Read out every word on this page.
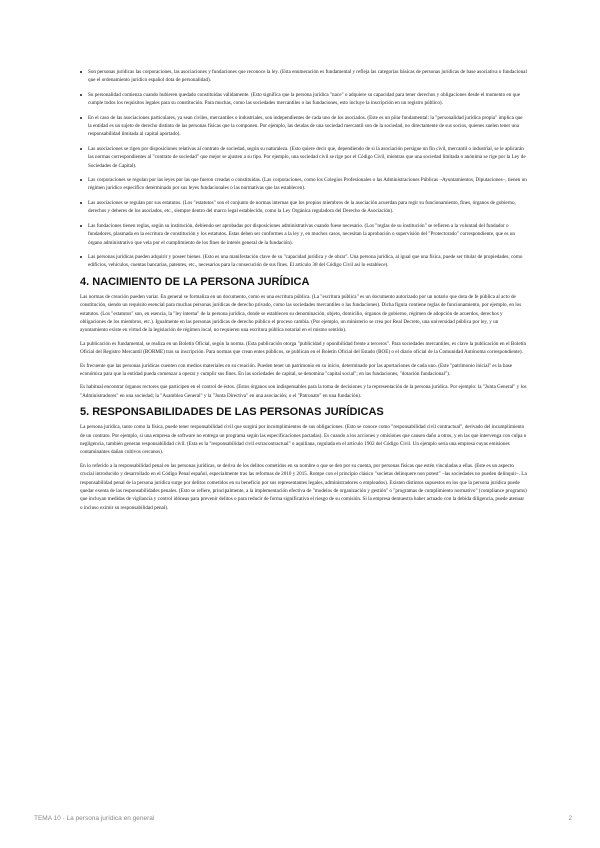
Son personas jurídicas las corporaciones, las asociaciones y fundaciones que reconoce la ley. (Esta enumeración es fundamental y refleja las categorías básicas de personas jurídicas de base asociativa o fundacional que el ordenamiento jurídico español dota de personalidad).
Su personalidad comienza cuando hubieren quedado constituidas válidamente. (Esto significa que la persona jurídica "nace" o adquiere su capacidad para tener derechos y obligaciones desde el momento en que cumple todos los requisitos legales para su constitución. Para muchas, como las sociedades mercantiles o las fundaciones, esto incluye la inscripción en un registro público).
En el caso de las asociaciones particulares, ya sean civiles, mercantiles o industriales, son independientes de cada uno de los asociados. (Este es un pilar fundamental: la "personalidad jurídica propia" implica que la entidad es un sujeto de derecho distinto de las personas físicas que la componen. Por ejemplo, las deudas de una sociedad mercantil son de la sociedad, no directamente de sus socios, quienes suelen tener una responsabilidad limitada al capital aportado).
Las asociaciones se rigen por disposiciones relativas al contrato de sociedad, según su naturaleza. (Esto quiere decir que, dependiendo de si la asociación persigue un fin civil, mercantil o industrial, se le aplicarán las normas correspondientes al "contrato de sociedad" que mejor se ajusten a su tipo. Por ejemplo, una sociedad civil se rige por el Código Civil, mientras que una sociedad limitada o anónima se rige por la Ley de Sociedades de Capital).
Las corporaciones se regulan por las leyes por las que fueron creadas o constituidas. (Las corporaciones, como los Colegios Profesionales o las Administraciones Públicas –Ayuntamientos, Diputaciones–, tienen un régimen jurídico específico determinado por sus leyes fundacionales o las normativas que las establecen).
Las asociaciones se regulan por sus estatutos. (Los "estatutos" son el conjunto de normas internas que los propios miembros de la asociación acuerdan para regir su funcionamiento, fines, órganos de gobierno, derechos y deberes de los asociados, etc., siempre dentro del marco legal establecido, como la Ley Orgánica reguladora del Derecho de Asociación).
Las fundaciones tienen reglas, según su institución, debiendo ser aprobadas por disposiciones administrativas cuando fuese necesario. (Los "reglas de su institución" se refieren a la voluntad del fundador o fundadores, plasmada en la escritura de constitución y los estatutos. Estas deben ser conformes a la ley y, en muchos casos, necesitan la aprobación o supervisión del "Protectorado" correspondiente, que es un órgano administrativo que vela por el cumplimiento de los fines de interés general de la fundación).
Las personas jurídicas pueden adquirir y poseer bienes. (Esto es una manifestación clave de su "capacidad jurídica y de obrar". Una persona jurídica, al igual que una física, puede ser titular de propiedades, como edificios, vehículos, cuentas bancarias, patentes, etc., necesarios para la consecución de sus fines. El artículo 38 del Código Civil así lo establece).
4. NACIMIENTO DE LA PERSONA JURÍDICA

Las normas de creación pueden variar. En general se formaliza en un documento, como es una escritura pública. (La "escritura pública" es un documento autorizado por un notario que dota de fe pública al acto de constitución, siendo un requisito esencial para muchas personas jurídicas de derecho privado, como las sociedades mercantiles o las fundaciones). Dicha figura contiene reglas de funcionamiento, por ejemplo, en los estatutos. (Los "estatutos" son, en esencia, la "ley interna" de la persona jurídica, donde se establecen su denominación, objeto, domicilio, órganos de gobierno, régimen de adopción de acuerdos, derechos y obligaciones de los miembros, etc.). Igualmente en las personas jurídicas de derecho público el proceso cambia. (Por ejemplo, un ministerio se crea por Real Decreto, una universidad pública por ley, y un ayuntamiento existe en virtud de la legislación de régimen local, no requieren una escritura pública notarial en el mismo sentido).

La publicación es fundamental, se realiza en un Boletín Oficial, según la norma. (Esta publicación otorga "publicidad y oponibilidad frente a terceros". Para sociedades mercantiles, es clave la publicación en el Boletín Oficial del Registro Mercantil (BORME) tras su inscripción. Para normas que crean entes públicos, se publican en el Boletín Oficial del Estado (BOE) o el diario oficial de la Comunidad Autónoma correspondiente).

Es frecuente que las personas jurídicas cuenten con medios materiales en su creación. Pueden tener un patrimonio en su inicio, determinado por las aportaciones de cada uno. (Este "patrimonio inicial" es la base económica para que la entidad pueda comenzar a operar y cumplir sus fines. En las sociedades de capital, se denomina "capital social"; en las fundaciones, "dotación fundacional").

Es habitual encontrar órganos rectores que participen en el control de éstos. (Estos órganos son indispensables para la toma de decisiones y la representación de la persona jurídica. Por ejemplo: la "Junta General" y los "Administradores" en una sociedad; la "Asamblea General" y la "Junta Directiva" en una asociación; o el "Patronato" en una fundación).

5. RESPONSABILIDADES DE LAS PERSONAS JURÍDICAS

La persona jurídica, tanto como la física, puede tener responsabilidad civil que surgirá por incumplimientos de sus obligaciones. (Esto se conoce como "responsabilidad civil contractual", derivado del incumplimiento de un contrato. Por ejemplo, si una empresa de software no entrega un programa según las especificaciones pactadas). Es cuando a los acciones y omisiones que causen daño a otros, y en las que intervenga con culpa o negligencia, también generan responsabilidad civil. (Esta es la "responsabilidad civil extracontractual" o aquiliana, regulada en el artículo 1902 del Código Civil. Un ejemplo sería una empresa cuyas emisiones contaminantes dañan cultivos cercanos).

En lo referido a la responsabilidad penal en las personas jurídicas, se deriva de los delitos cometidos en su nombre o que se den por su cuenta, por personas físicas que estén vinculadas a ellas. (Este es un aspecto crucial introducido y desarrollado en el Código Penal español, especialmente tras las reformas de 2010 y 2015. Rompe con el principio clásico "societas delinquere non potest" –las sociedades no pueden delinquir–. La responsabilidad penal de la persona jurídica surge por delitos cometidos en su beneficio por sus representantes legales, administradores o empleados). Existen distintos supuestos en los que la persona jurídica puede quedar exenta de las responsabilidades penales. (Esto se refiere, principalmente, a la implementación efectiva de "modelos de organización y gestión" o "programas de cumplimiento normativo" (compliance programs) que incluyan medidas de vigilancia y control idóneas para prevenir delitos o para reducir de forma significativa el riesgo de su comisión. Si la empresa demuestra haber actuado con la debida diligencia, puede atenuar o incluso eximir su responsabilidad penal).

TEMA 10 · La persona jurídica en general	2
